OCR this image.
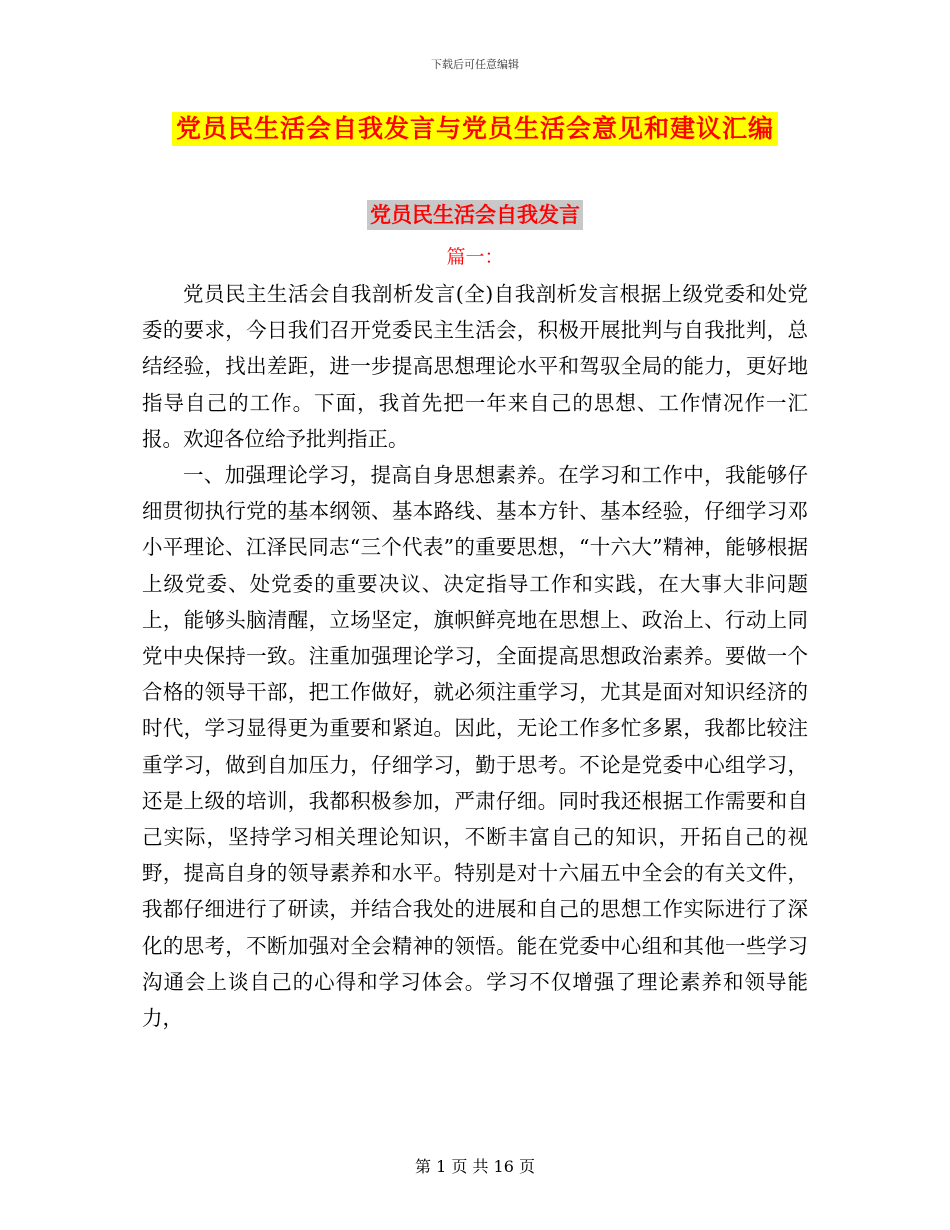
下载后可任意编辑
党员民生活会自我发言与党员生活会意见和建议汇编
党员民生活会自我发言
篇一：

党员民主生活会自我剖析发言(全)自我剖析发言根据上级党委和处党委的要求，今日我们召开党委民主生活会，积极开展批判与自我批判，总结经验，找出差距，进一步提高思想理论水平和驾驭全局的能力，更好地指导自己的工作。下面，我首先把一年来自己的思想、工作情况作一汇报。欢迎各位给予批判指正。

一、加强理论学习，提高自身思想素养。在学习和工作中，我能够仔细贯彻执行党的基本纲领、基本路线、基本方针、基本经验，仔细学习邓小平理论、江泽民同志“三个代表”的重要思想，“十六大”精神，能够根据上级党委、处党委的重要决议、决定指导工作和实践，在大事大非问题上，能够头脑清醒，立场坚定，旗帜鲜亮地在思想上、政治上、行动上同党中央保持一致。注重加强理论学习，全面提高思想政治素养。要做一个合格的领导干部，把工作做好，就必须注重学习，尤其是面对知识经济的时代，学习显得更为重要和紧迫。因此，无论工作多忙多累，我都比较注重学习，做到自加压力，仔细学习，勤于思考。不论是党委中心组学习，还是上级的培训，我都积极参加，严肃仔细。同时我还根据工作需要和自己实际，坚持学习相关理论知识，不断丰富自己的知识，开拓自己的视野，提高自身的领导素养和水平。特别是对十六届五中全会的有关文件，我都仔细进行了研读，并结合我处的进展和自己的思想工作实际进行了深化的思考，不断加强对全会精神的领悟。能在党委中心组和其他一些学习沟通会上谈自己的心得和学习体会。学习不仅增强了理论素养和领导能力，

第 1 页 共 16 页
